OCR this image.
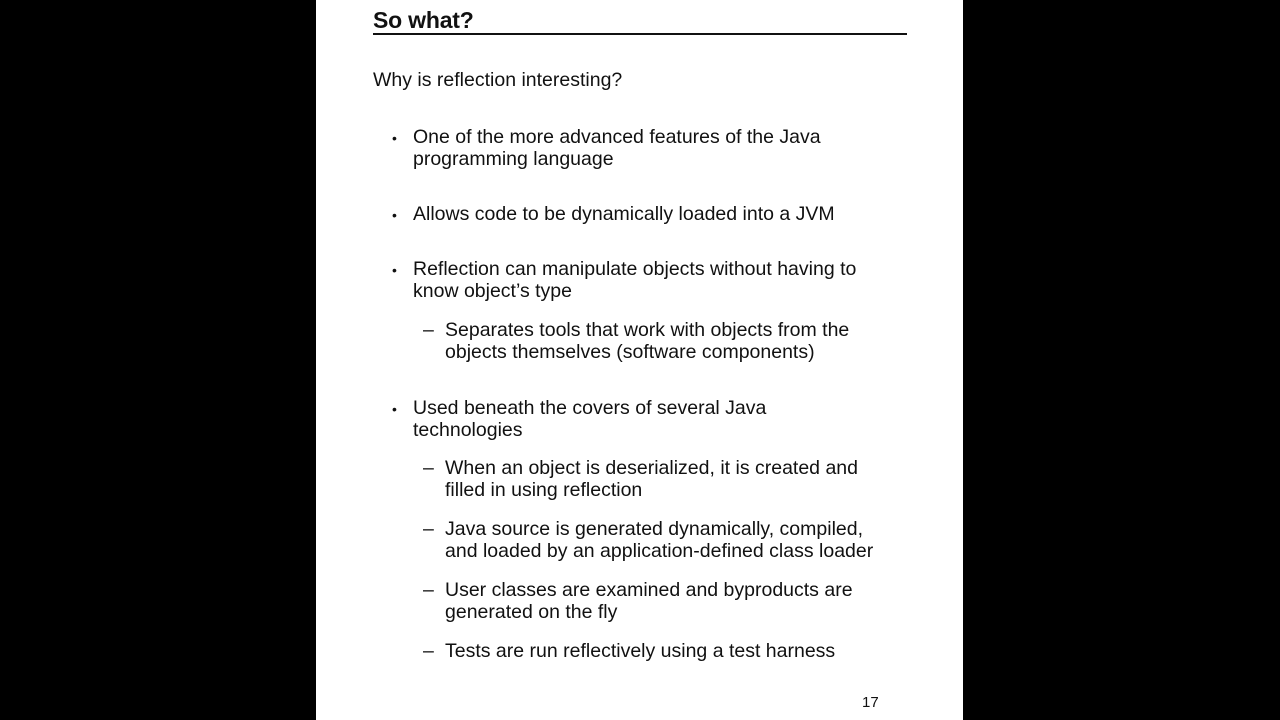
So what?
Why is reflection interesting?
• One of the more advanced features of the Java
programming language
• Allows code to be dynamically loaded into a JVM
• Reflection can manipulate objects without having to
know object’s type
– Separates tools that work with objects from the
objects themselves (software components)
• Used beneath the covers of several Java
technologies
– When an object is deserialized, it is created and
filled in using reflection
– Java source is generated dynamically, compiled,
and loaded by an application-defined class loader
– User classes are examined and byproducts are
generated on the fly
– Tests are run reflectively using a test harness
17
